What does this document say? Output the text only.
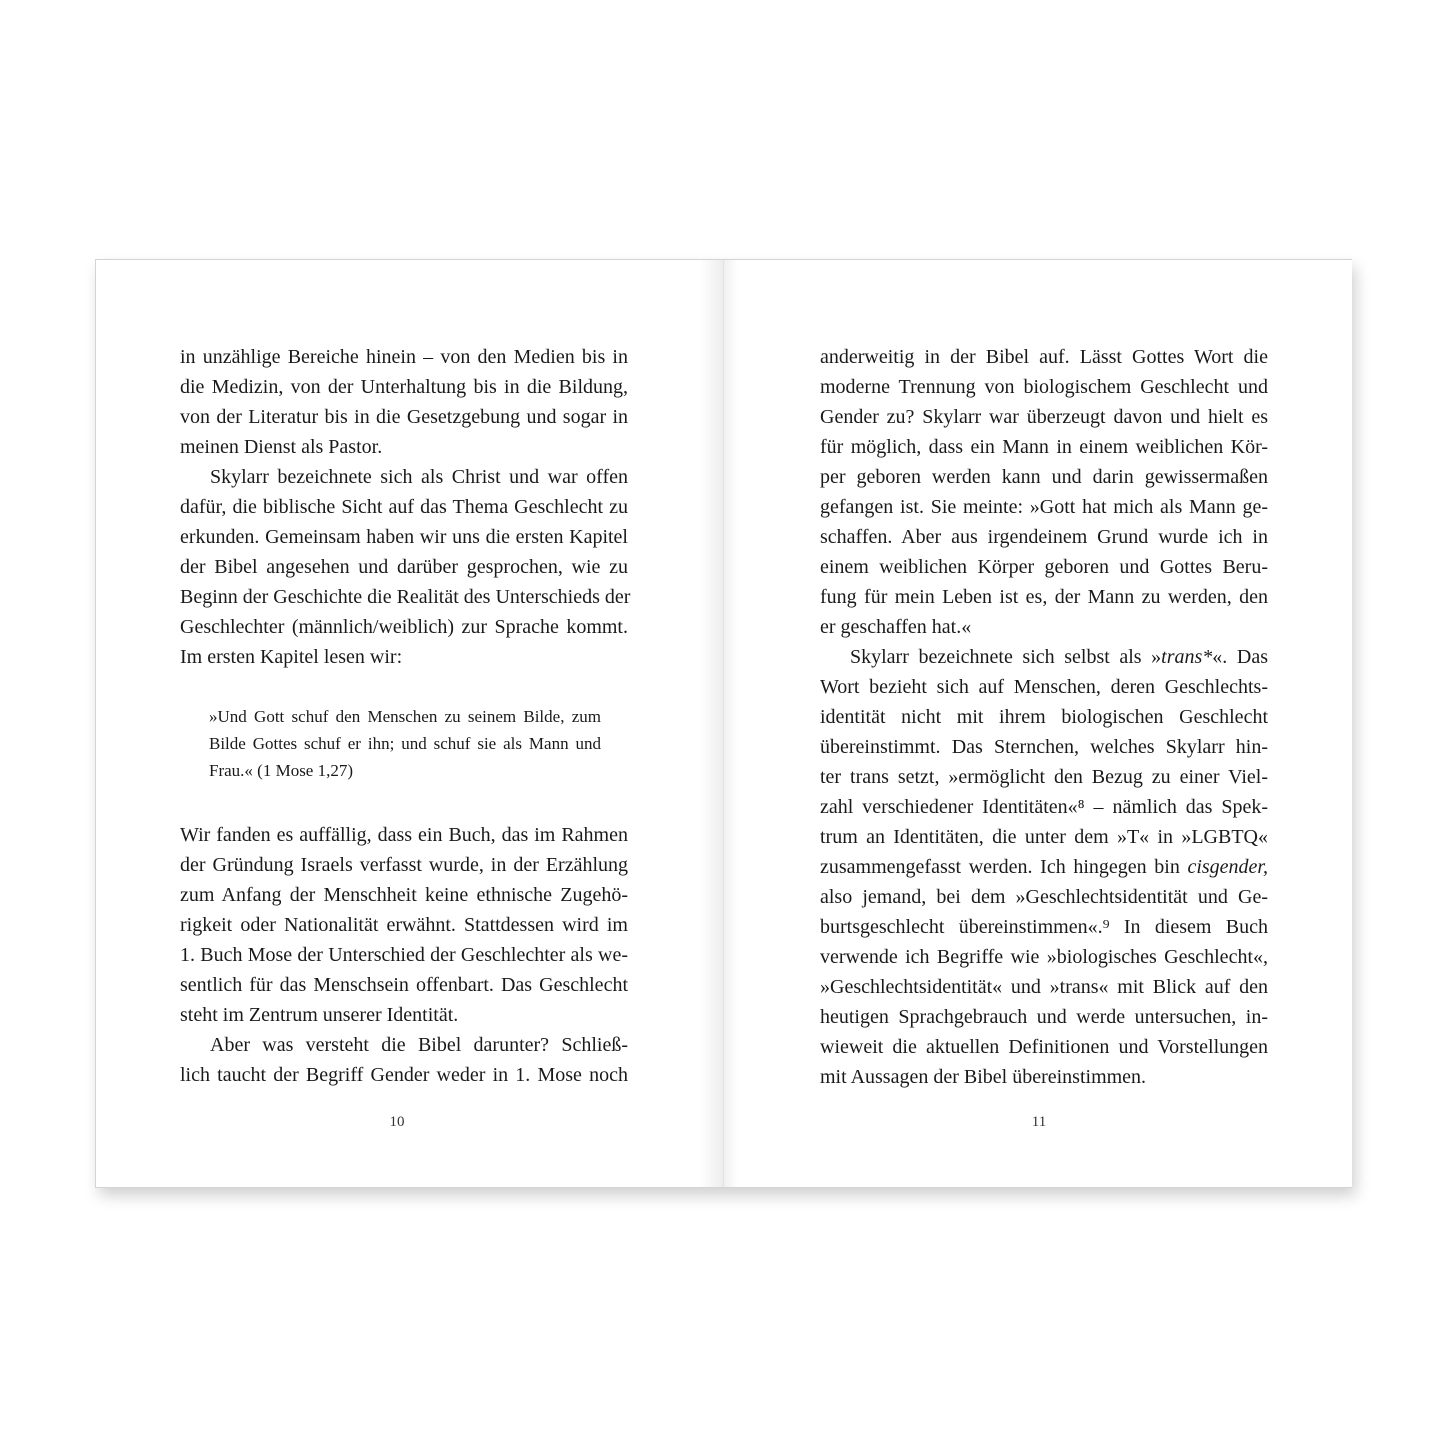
in unzählige Bereiche hinein – von den Medien bis in
die Medizin, von der Unterhaltung bis in die Bildung,
von der Literatur bis in die Gesetzgebung und sogar in
meinen Dienst als Pastor.
Skylarr bezeichnete sich als Christ und war offen
dafür, die biblische Sicht auf das Thema Geschlecht zu
erkunden. Gemeinsam haben wir uns die ersten Kapitel
der Bibel angesehen und darüber gesprochen, wie zu
Beginn der Geschichte die Realität des Unterschieds der
Geschlechter (männlich/weiblich) zur Sprache kommt.
Im ersten Kapitel lesen wir:
»Und Gott schuf den Menschen zu seinem Bilde, zum
Bilde Gottes schuf er ihn; und schuf sie als Mann und
Frau.« (1 Mose 1,27)
Wir fanden es auffällig, dass ein Buch, das im Rahmen
der Gründung Israels verfasst wurde, in der Erzählung
zum Anfang der Menschheit keine ethnische Zugehö-
rigkeit oder Nationalität erwähnt. Stattdessen wird im
1. Buch Mose der Unterschied der Geschlechter als we-
sentlich für das Menschsein offenbart. Das Geschlecht
steht im Zentrum unserer Identität.
Aber was versteht die Bibel darunter? Schließ-
lich taucht der Begriff Gender weder in 1. Mose noch
10
anderweitig in der Bibel auf. Lässt Gottes Wort die
moderne Trennung von biologischem Geschlecht und
Gender zu? Skylarr war überzeugt davon und hielt es
für möglich, dass ein Mann in einem weiblichen Kör-
per geboren werden kann und darin gewissermaßen
gefangen ist. Sie meinte: »Gott hat mich als Mann ge-
schaffen. Aber aus irgendeinem Grund wurde ich in
einem weiblichen Körper geboren und Gottes Beru-
fung für mein Leben ist es, der Mann zu werden, den
er geschaffen hat.«
Skylarr bezeichnete sich selbst als »trans*«. Das
Wort bezieht sich auf Menschen, deren Geschlechts-
identität nicht mit ihrem biologischen Geschlecht
übereinstimmt. Das Sternchen, welches Skylarr hin-
ter trans setzt, »ermöglicht den Bezug zu einer Viel-
zahl verschiedener Identitäten«⁸ – nämlich das Spek-
trum an Identitäten, die unter dem »T« in »LGBTQ«
zusammengefasst werden. Ich hingegen bin cisgender,
also jemand, bei dem »Geschlechtsidentität und Ge-
burtsgeschlecht übereinstimmen«.⁹ In diesem Buch
verwende ich Begriffe wie »biologisches Geschlecht«,
»Geschlechtsidentität« und »trans« mit Blick auf den
heutigen Sprachgebrauch und werde untersuchen, in-
wieweit die aktuellen Definitionen und Vorstellungen
mit Aussagen der Bibel übereinstimmen.
11
